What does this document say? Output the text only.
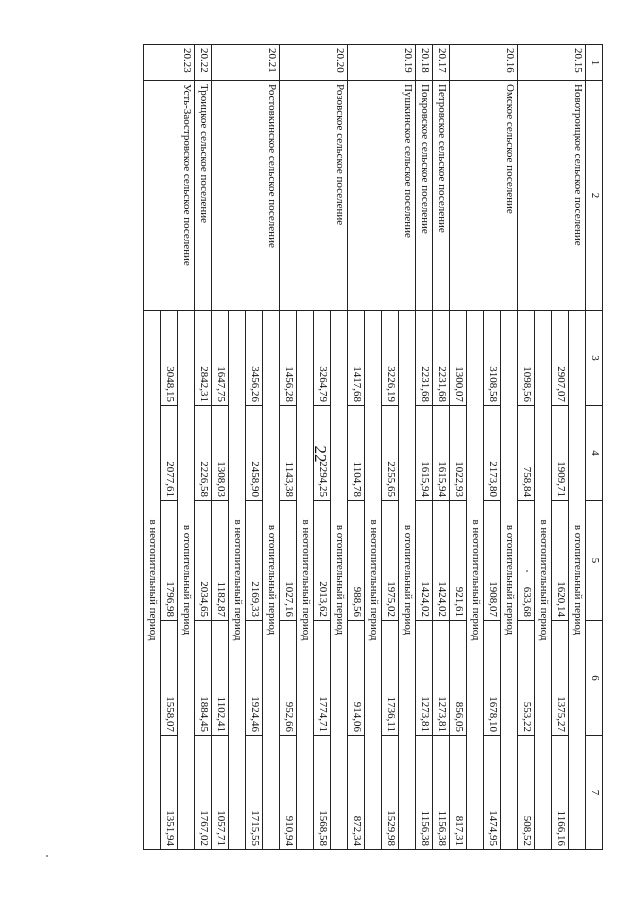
22
1	2	3	4	5	6	7
20.15	Новотроицкое сельское поселение	в отопительный период				
		2907,07	1909,71	1620,14	1375,27	1166,16
		в неотопительный период				
		1098,56	758,84	633,68	553,22	508,52
20.16	Омское сельское поселение	в отопительный период				
		3108,58	2173,80	1908,07	1678,10	1474,95
		в неотопительный период				
		1300,07	1022,93	921,61	856,05	817,31
20.17	Петровское сельское поселение	2231,68	1615,94	1424,02	1273,81	1156,38
20.18	Покровское сельское поселение	2231,68	1615,94	1424,02	1273,81	1156,38
20.19	Пушкинское сельское поселение	в отопительный период				
		3226,19	2255,65	1975,02	1736,11	1529,98
		в неотопительный период				
		1417,68	1104,78	988,56	914,06	872,34
20.20	Розовское сельское поселение	в отопительный период				
		3264,79	2294,25	2013,62	1774,71	1568,58
		в неотопительный период				
		1456,28	1143,38	1027,16	952,66	910,94
20.21	Ростовкинское сельское поселение	в отопительный период				
		3456,26	2458,90	2169,33	1924,46	1715,55
		в неотопительный период				
		1647,75	1308,03	1182,87	1102,41	1057,71
20.22	Троицкое сельское поселение	2842,31	2226,58	2034,65	1884,45	1767,02
20.23	Усть-Заостровское сельское поселение	в отопительный период				
		3048,15	2077,61	1796,98	1558,07	1351,94
		в неотопительный период				
